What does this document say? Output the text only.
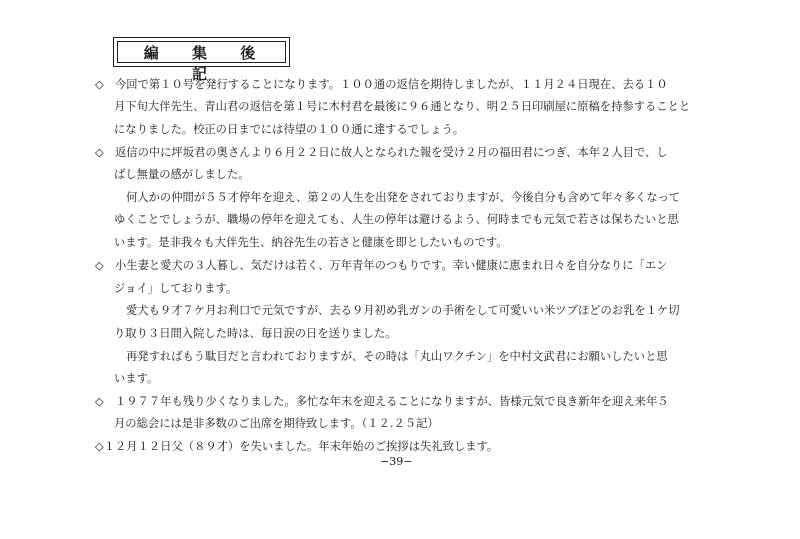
編 集 後 記
◇　今回で第１０号を発行することになります。１００通の返信を期待しましたが、１１月２４日現在、去る１０
月下旬大伴先生、青山君の返信を第１号に木村君を最後に９６通となり、明２５日印刷屋に原稿を持参することと
になりました。校正の日までには待望の１００通に達するでしょう。
◇　返信の中に坪坂君の奥さんより６月２２日に故人となられた報を受け２月の福田君につぎ、本年２人目で、し
ばし無量の感がしました。
何人かの仲間が５５才停年を迎え、第２の人生を出発をされておりますが、今後自分も含めて年々多くなって
ゆくことでしょうが、職場の停年を迎えても、人生の停年は避けるよう、何時までも元気で若さは保ちたいと思
います。是非我々も大伴先生、納谷先生の若さと健康を即としたいものです。
◇　小生妻と愛犬の３人暮し、気だけは若く、万年青年のつもりです。幸い健康に恵まれ日々を自分なりに「エン
ジョイ」しております。
愛犬も９才７ケ月お利口で元気ですが、去る９月初め乳ガンの手術をして可愛いい米ツブほどのお乳を１ケ切
り取り３日間入院した時は、毎日涙の日を送りました。
再発すればもう駄目だと言われておりますが、その時は「丸山ワクチン」を中村文武君にお願いしたいと思
います。
◇　１９７７年も残り少くなりました。多忙な年末を迎えることになりますが、皆様元気で良き新年を迎え来年５
月の総会には是非多数のご出席を期待致します。（１２.２５記）
◇１２月１２日父（８９才）を失いました。年末年始のご挨拶は失礼致します。
−39−
